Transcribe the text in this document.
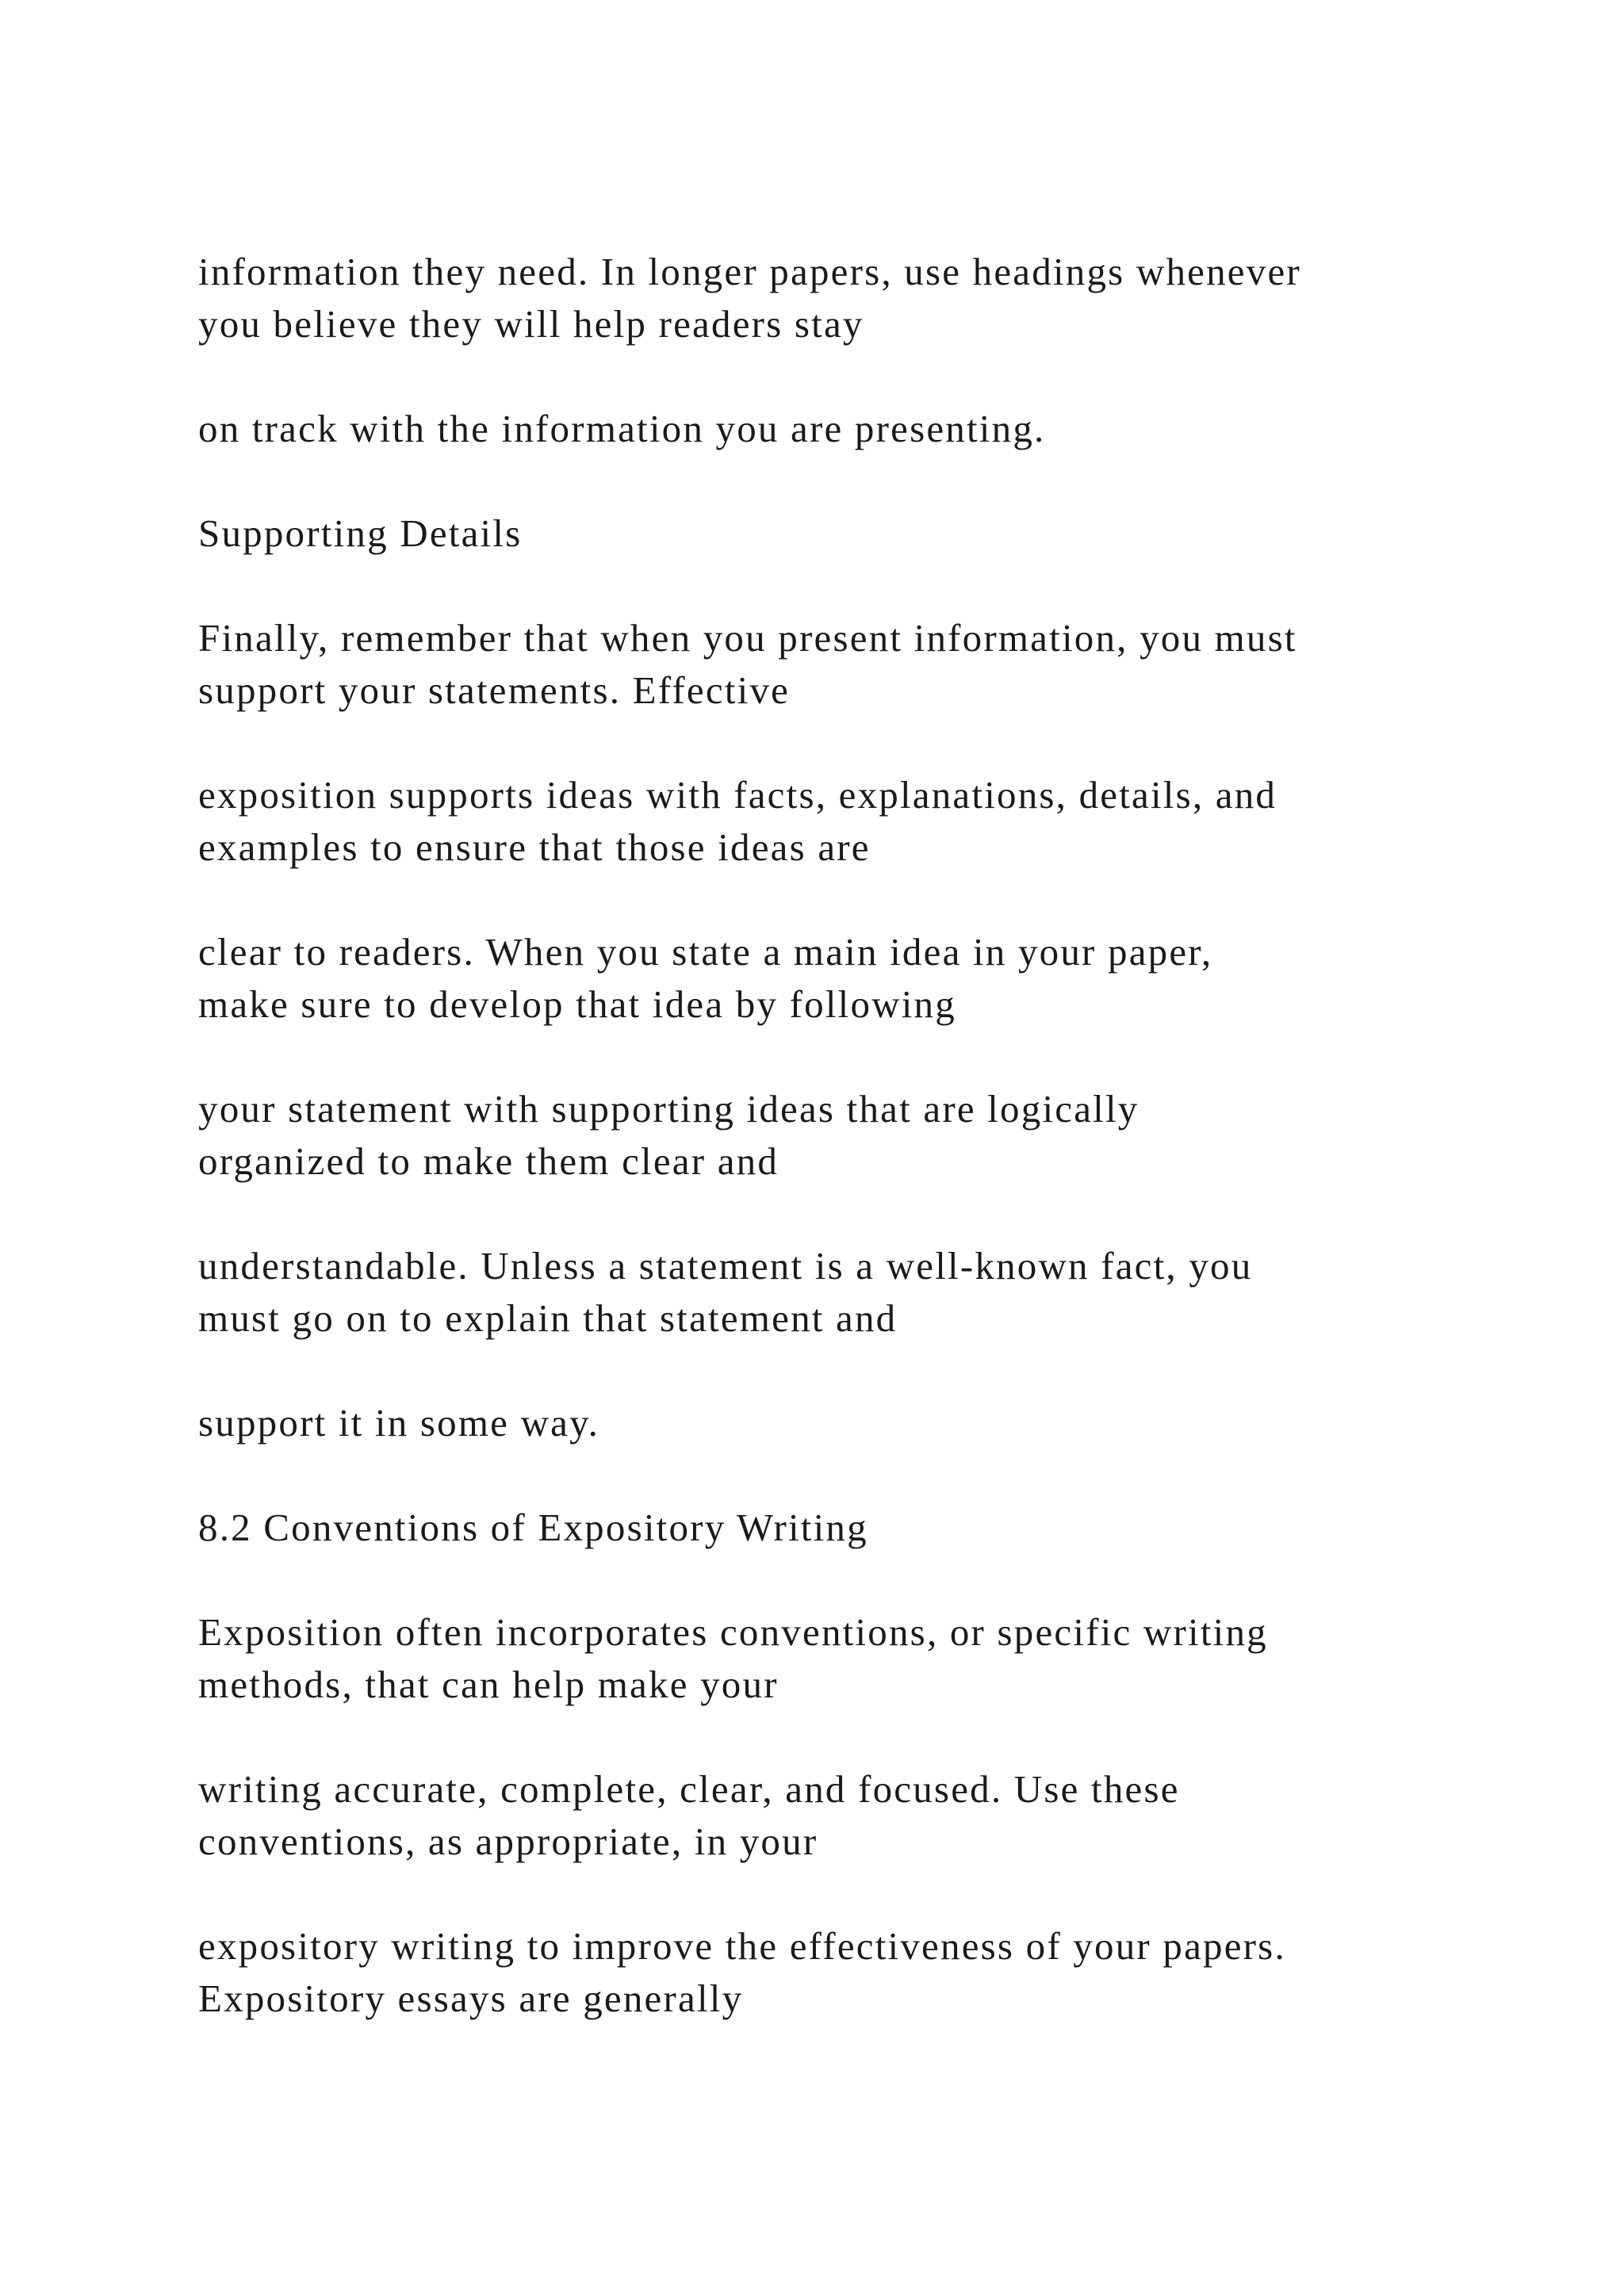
information they need. In longer papers, use headings whenever
you believe they will help readers stay

on track with the information you are presenting.

Supporting Details

Finally, remember that when you present information, you must
support your statements. Effective

exposition supports ideas with facts, explanations, details, and
examples to ensure that those ideas are

clear to readers. When you state a main idea in your paper,
make sure to develop that idea by following

your statement with supporting ideas that are logically
organized to make them clear and

understandable. Unless a statement is a well-known fact, you
must go on to explain that statement and

support it in some way.

8.2 Conventions of Expository Writing

Exposition often incorporates conventions, or specific writing
methods, that can help make your

writing accurate, complete, clear, and focused. Use these
conventions, as appropriate, in your

expository writing to improve the effectiveness of your papers.
Expository essays are generally
